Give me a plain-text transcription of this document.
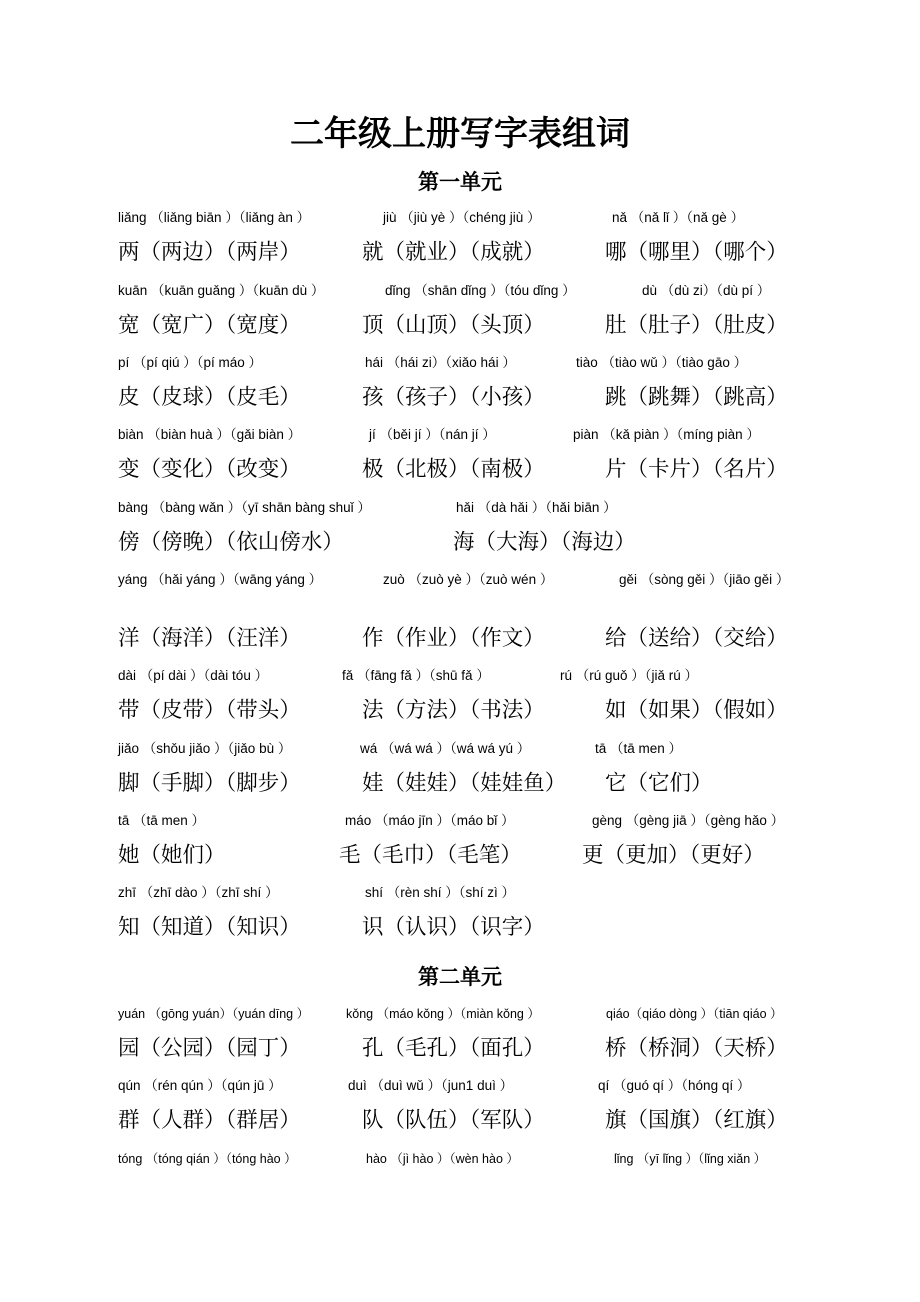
二年级上册写字表组词
第一单元
liǎng （liǎng biān ）（liǎng àn ）	jiù （jiù yè ）（chéng jiù ）	nǎ （nǎ lǐ ）（nǎ gè ）
两（两边）（两岸）	就（就业）（成就）	哪（哪里）（哪个）
kuān （kuān guǎng ）（kuān dù ）	dǐng （shān dǐng ）（tóu dǐng ）	dù （dù zi）（dù pí ）
宽（宽广）（宽度）	顶（山顶）（头顶）	肚（肚子）（肚皮）
pí （pí qiú ）（pí máo ）	hái （hái zi）（xiǎo hái ）	tiào （tiào wǔ ）（tiào gāo ）
皮（皮球）（皮毛）	孩（孩子）（小孩）	跳（跳舞）（跳高）
biàn （biàn huà ）（gǎi biàn ）	jí （běi jí ）（nán jí ）	piàn （kǎ piàn ）（míng piàn ）
变（变化）（改变）	极（北极）（南极）	片（卡片）（名片）
bàng （bàng wǎn ）（yī shān bàng shuǐ ）	hǎi （dà hǎi ）（hǎi biān ）
傍（傍晚）（依山傍水）	海（大海）（海边）
yáng （hǎi yáng ）（wāng yáng ）	zuò （zuò yè ）（zuò wén ）	gěi （sòng gěi ）（jiāo gěi ）
洋（海洋）（汪洋）	作（作业）（作文）	给（送给）（交给）
dài （pí dài ）（dài tóu ）	fǎ （fāng fǎ ）（shū fǎ ）	rú （rú guǒ ）（jiǎ rú ）
带（皮带）（带头）	法（方法）（书法）	如（如果）（假如）
jiǎo （shǒu jiǎo ）（jiǎo bù ）	wá （wá wá ）（wá wá yú ）	tā （tā men ）
脚（手脚）（脚步）	娃（娃娃）（娃娃鱼） 它（它们）
tā （tā men ）	máo （máo jīn ）（máo bǐ ）	gèng （gèng jiā ）（gèng hǎo ）
她（她们）	毛（毛巾）（毛笔）	更（更加）（更好）
zhī （zhī dào ）（zhī shí ）	shí （rèn shí ）（shí zì ）
知（知道）（知识）	识（认识）（识字）
第二单元
yuán （gōng yuán）（yuán dīng ）	kǒng （máo kǒng ）（miàn kǒng ）	qiáo（qiáo dòng ）（tiān qiáo ）
园（公园）（园丁）	孔（毛孔）（面孔）	桥（桥洞）（天桥）
qún （rén qún ）（qún jū ）	duì （duì wǔ ）（jun1 duì ）	qí （guó qí ）（hóng qí ）
群（人群）（群居）	队（队伍）（军队）	旗（国旗）（红旗）
tóng （tóng qián ）（tóng hào ）	hào （jì hào ）（wèn hào ）	lǐng （yī lǐng ）（lǐng xiǎn ）
